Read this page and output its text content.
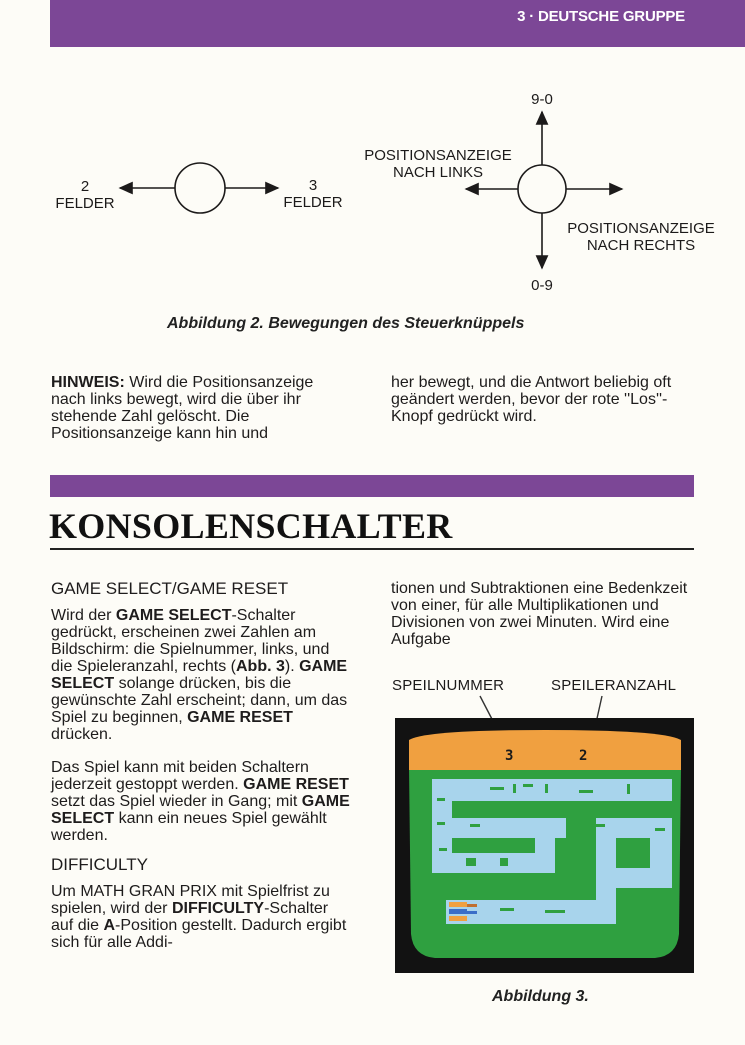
3 · DEUTSCHE GRUPPE
2
FELDER
3
FELDER
9-0
0-9
POSITIONSANZEIGE
NACH LINKS
POSITIONSANZEIGE
NACH RECHTS
Abbildung 2. Bewegungen des Steuerknüppels
HINWEIS: Wird die Positionsanzeige nach links bewegt, wird die über ihr stehende Zahl gelöscht. Die Positionsanzeige kann hin und
her bewegt, und die Antwort beliebig oft geändert werden, bevor der rote ''Los''-Knopf gedrückt wird.
KONSOLENSCHALTER
GAME SELECT/GAME RESET

Wird der GAME SELECT-Schalter gedrückt, erscheinen zwei Zahlen am Bildschirm: die Spielnummer, links, und die Spieleranzahl, rechts (Abb. 3). GAME SELECT solange drücken, bis die gewünschte Zahl erscheint; dann, um das Spiel zu beginnen, GAME RESET drücken.

Das Spiel kann mit beiden Schaltern jederzeit gestoppt werden. GAME RESET setzt das Spiel wieder in Gang; mit GAME SELECT kann ein neues Spiel gewählt werden.

DIFFICULTY

Um MATH GRAN PRIX mit Spielfrist zu spielen, wird der DIFFICULTY-Schalter auf die A-Position gestellt. Dadurch ergibt sich für alle Addi-

tionen und Subtraktionen eine Bedenkzeit von einer, für alle Multiplikationen und Divisionen von zwei Minuten. Wird eine Aufgabe
SPEILNUMMER	SPEILERANZAHL
3	2
Abbildung 3.
